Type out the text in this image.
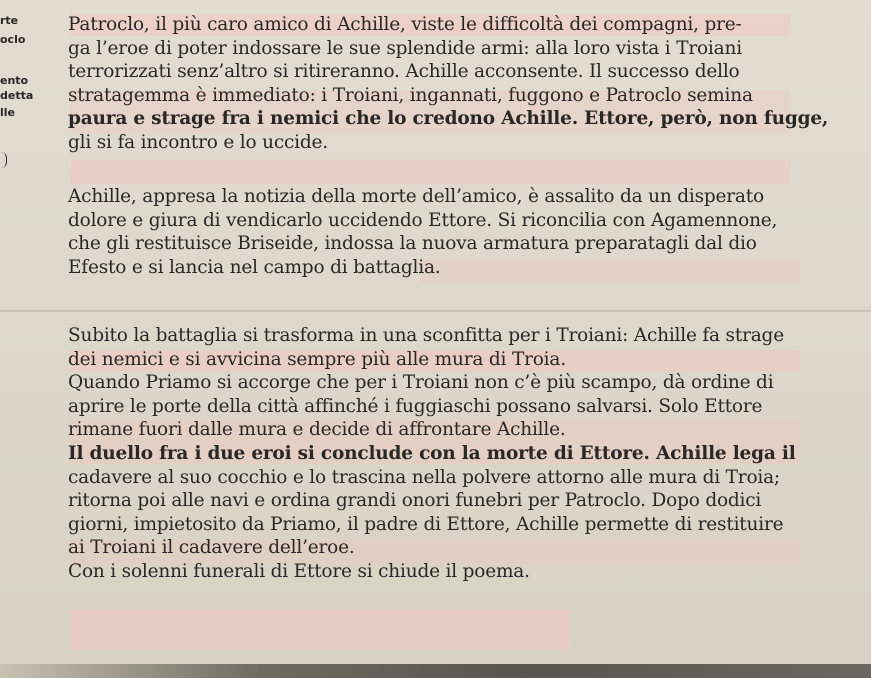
rte
oclo
ento
detta
lle

Patroclo, il più caro amico di Achille, viste le difficoltà dei compagni, pre-
ga l’eroe di poter indossare le sue splendide armi: alla loro vista i Troiani
terrorizzati senz’altro si ritireranno. Achille acconsente. Il successo dello
stratagemma è immediato: i Troiani, ingannati, fuggono e Patroclo semina
paura e strage fra i nemici che lo credono Achille. Ettore, però, non fugge,
gli si fa incontro e lo uccide.

Achille, appresa la notizia della morte dell’amico, è assalito da un disperato
dolore e giura di vendicarlo uccidendo Ettore. Si riconcilia con Agamennone,
che gli restituisce Briseide, indossa la nuova armatura preparatagli dal dio
Efesto e si lancia nel campo di battaglia.

Subito la battaglia si trasforma in una sconfitta per i Troiani: Achille fa strage
dei nemici e si avvicina sempre più alle mura di Troia.
Quando Priamo si accorge che per i Troiani non c’è più scampo, dà ordine di
aprire le porte della città affinché i fuggiaschi possano salvarsi. Solo Ettore
rimane fuori dalle mura e decide di affrontare Achille.
Il duello fra i due eroi si conclude con la morte di Ettore. Achille lega il
cadavere al suo cocchio e lo trascina nella polvere attorno alle mura di Troia;
ritorna poi alle navi e ordina grandi onori funebri per Patroclo. Dopo dodici
giorni, impietosito da Priamo, il padre di Ettore, Achille permette di restituire
ai Troiani il cadavere dell’eroe.
Con i solenni funerali di Ettore si chiude il poema.
